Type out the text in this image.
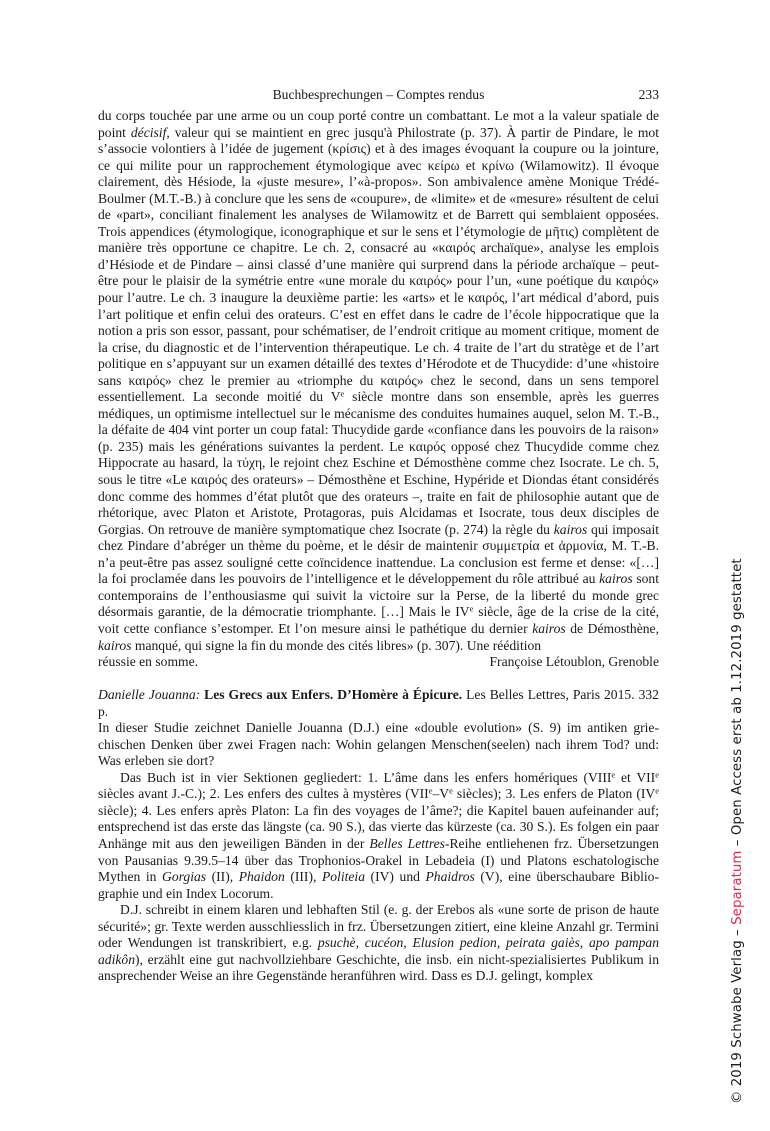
Buchbesprechungen – Comptes rendus	233

du corps touchée par une arme ou un coup porté contre un combattant. Le mot a la valeur spatiale de point décisif, valeur qui se maintient en grec jusqu'à Philostrate (p. 37). À partir de Pindare, le mot s’associe volontiers à l’idée de jugement (κρίσις) et à des images évoquant la coupure ou la jointure, ce qui milite pour un rapprochement étymologique avec κείρω et κρίνω (Wilamowitz). Il évoque clairement, dès Hésiode, la «juste mesure», l’«à-propos». Son ambivalence amène Monique Trédé-Boulmer (M.T.-B.) à conclure que les sens de «coupure», de «limite» et de «mesure» résultent de celui de «part», conciliant finalement les analyses de Wilamowitz et de Barrett qui semblaient opposées. Trois appendices (étymologique, iconographique et sur le sens et l’étymologie de μῆτις) complètent de manière très opportune ce chapitre. Le ch. 2, consacré au «καιρός archaïque», analyse les emplois d’Hésiode et de Pindare – ainsi classé d’une manière qui surprend dans la période archaïque – peut-être pour le plaisir de la symétrie entre «une morale du καιρός» pour l’un, «une poétique du καιρός» pour l’autre. Le ch. 3 inaugure la deuxième partie: les «arts» et le καιρός, l’art médical d’abord, puis l’art politique et enfin celui des orateurs. C’est en effet dans le cadre de l’école hippocratique que la notion a pris son essor, passant, pour schématiser, de l’endroit critique au moment critique, moment de la crise, du diagnostic et de l’intervention thérapeutique. Le ch. 4 traite de l’art du stratège et de l’art politique en s’appuyant sur un examen détaillé des textes d’Hérodote et de Thucydide: d’une «histoire sans καιρός» chez le premier au «triomphe du καιρός» chez le second, dans un sens temporel essentiellement. La seconde moitié du Ve siècle montre dans son ensemble, après les guerres médiques, un optimisme intellectuel sur le mécanisme des conduites humaines auquel, selon M. T.-B., la défaite de 404 vint porter un coup fatal: Thucydide garde «confiance dans les pouvoirs de la raison» (p. 235) mais les générations suivantes la perdent. Le καιρός opposé chez Thucydide comme chez Hippocrate au hasard, la τύχη, le rejoint chez Eschine et Démosthène comme chez Isocrate. Le ch. 5, sous le titre «Le καιρός des orateurs» – Démosthène et Eschine, Hypéride et Diondas étant considérés donc comme des hommes d’état plutôt que des orateurs –, traite en fait de philosophie autant que de rhétorique, avec Platon et Aristote, Protagoras, puis Alcidamas et Isocrate, tous deux disciples de Gorgias. On retrouve de manière symptomatique chez Isocrate (p. 274) la règle du kairos qui imposait chez Pindare d’abréger un thème du poème, et le désir de maintenir συμμετρία et ἁρμονία, M. T.-B. n’a peut-être pas assez souligné cette coïncidence inattendue. La conclusion est ferme et dense: «[…] la foi proclamée dans les pouvoirs de l’intelligence et le développement du rôle attribué au kairos sont contemporains de l’enthousiasme qui suivit la victoire sur la Perse, de la liberté du monde grec désormais garantie, de la démocratie triomphante. […] Mais le IVe siècle, âge de la crise de la cité, voit cette confiance s’estomper. Et l’on mesure ainsi le pathétique du dernier kairos de Démosthène, kairos manqué, qui signe la fin du monde des cités libres» (p. 307). Une réédition

réussie en somme.	Françoise Létoublon, Grenoble

Danielle Jouanna: Les Grecs aux Enfers. D’Homère à Épicure. Les Belles Lettres, Paris 2015. 332 p.

In dieser Studie zeichnet Danielle Jouanna (D.J.) eine «double evolution» (S. 9) im antiken griechischen Denken über zwei Fragen nach: Wohin gelangen Menschen(seelen) nach ihrem Tod? und: Was erleben sie dort?

Das Buch ist in vier Sektionen gegliedert: 1. L’âme dans les enfers homériques (VIIIe et VIIe siècles avant J.-C.); 2. Les enfers des cultes à mystères (VIIe–Ve siècles); 3. Les enfers de Platon (IVe siècle); 4. Les enfers après Platon: La fin des voyages de l’âme?; die Kapitel bauen aufeinander auf; entsprechend ist das erste das längste (ca. 90 S.), das vierte das kürzeste (ca. 30 S.). Es folgen ein paar Anhänge mit aus den jeweiligen Bänden in der Belles Lettres-Reihe entliehenen frz. Übersetzungen von Pausanias 9.39.5–14 über das Trophonios-Orakel in Lebadeia (I) und Platons eschatologische Mythen in Gorgias (II), Phaidon (III), Politeia (IV) und Phaidros (V), eine überschaubare Bibliographie und ein Index Locorum.

D.J. schreibt in einem klaren und lebhaften Stil (e. g. der Erebos als «une sorte de prison de haute sécurité»; gr. Texte werden ausschliesslich in frz. Übersetzungen zitiert, eine kleine Anzahl gr. Termini oder Wendungen ist transkribiert, e.g. psuchè, cucéon, Elusion pedion, peirata gaiès, apo pampan adikôn), erzählt eine gut nachvollziehbare Geschichte, die insb. ein nicht-spezialisiertes Publikum in ansprechender Weise an ihre Gegenstände heranführen wird. Dass es D.J. gelingt, komplex	© 2019 Schwabe Verlag – Separatum – Open Access erst ab 1.12.2019 gestattet
